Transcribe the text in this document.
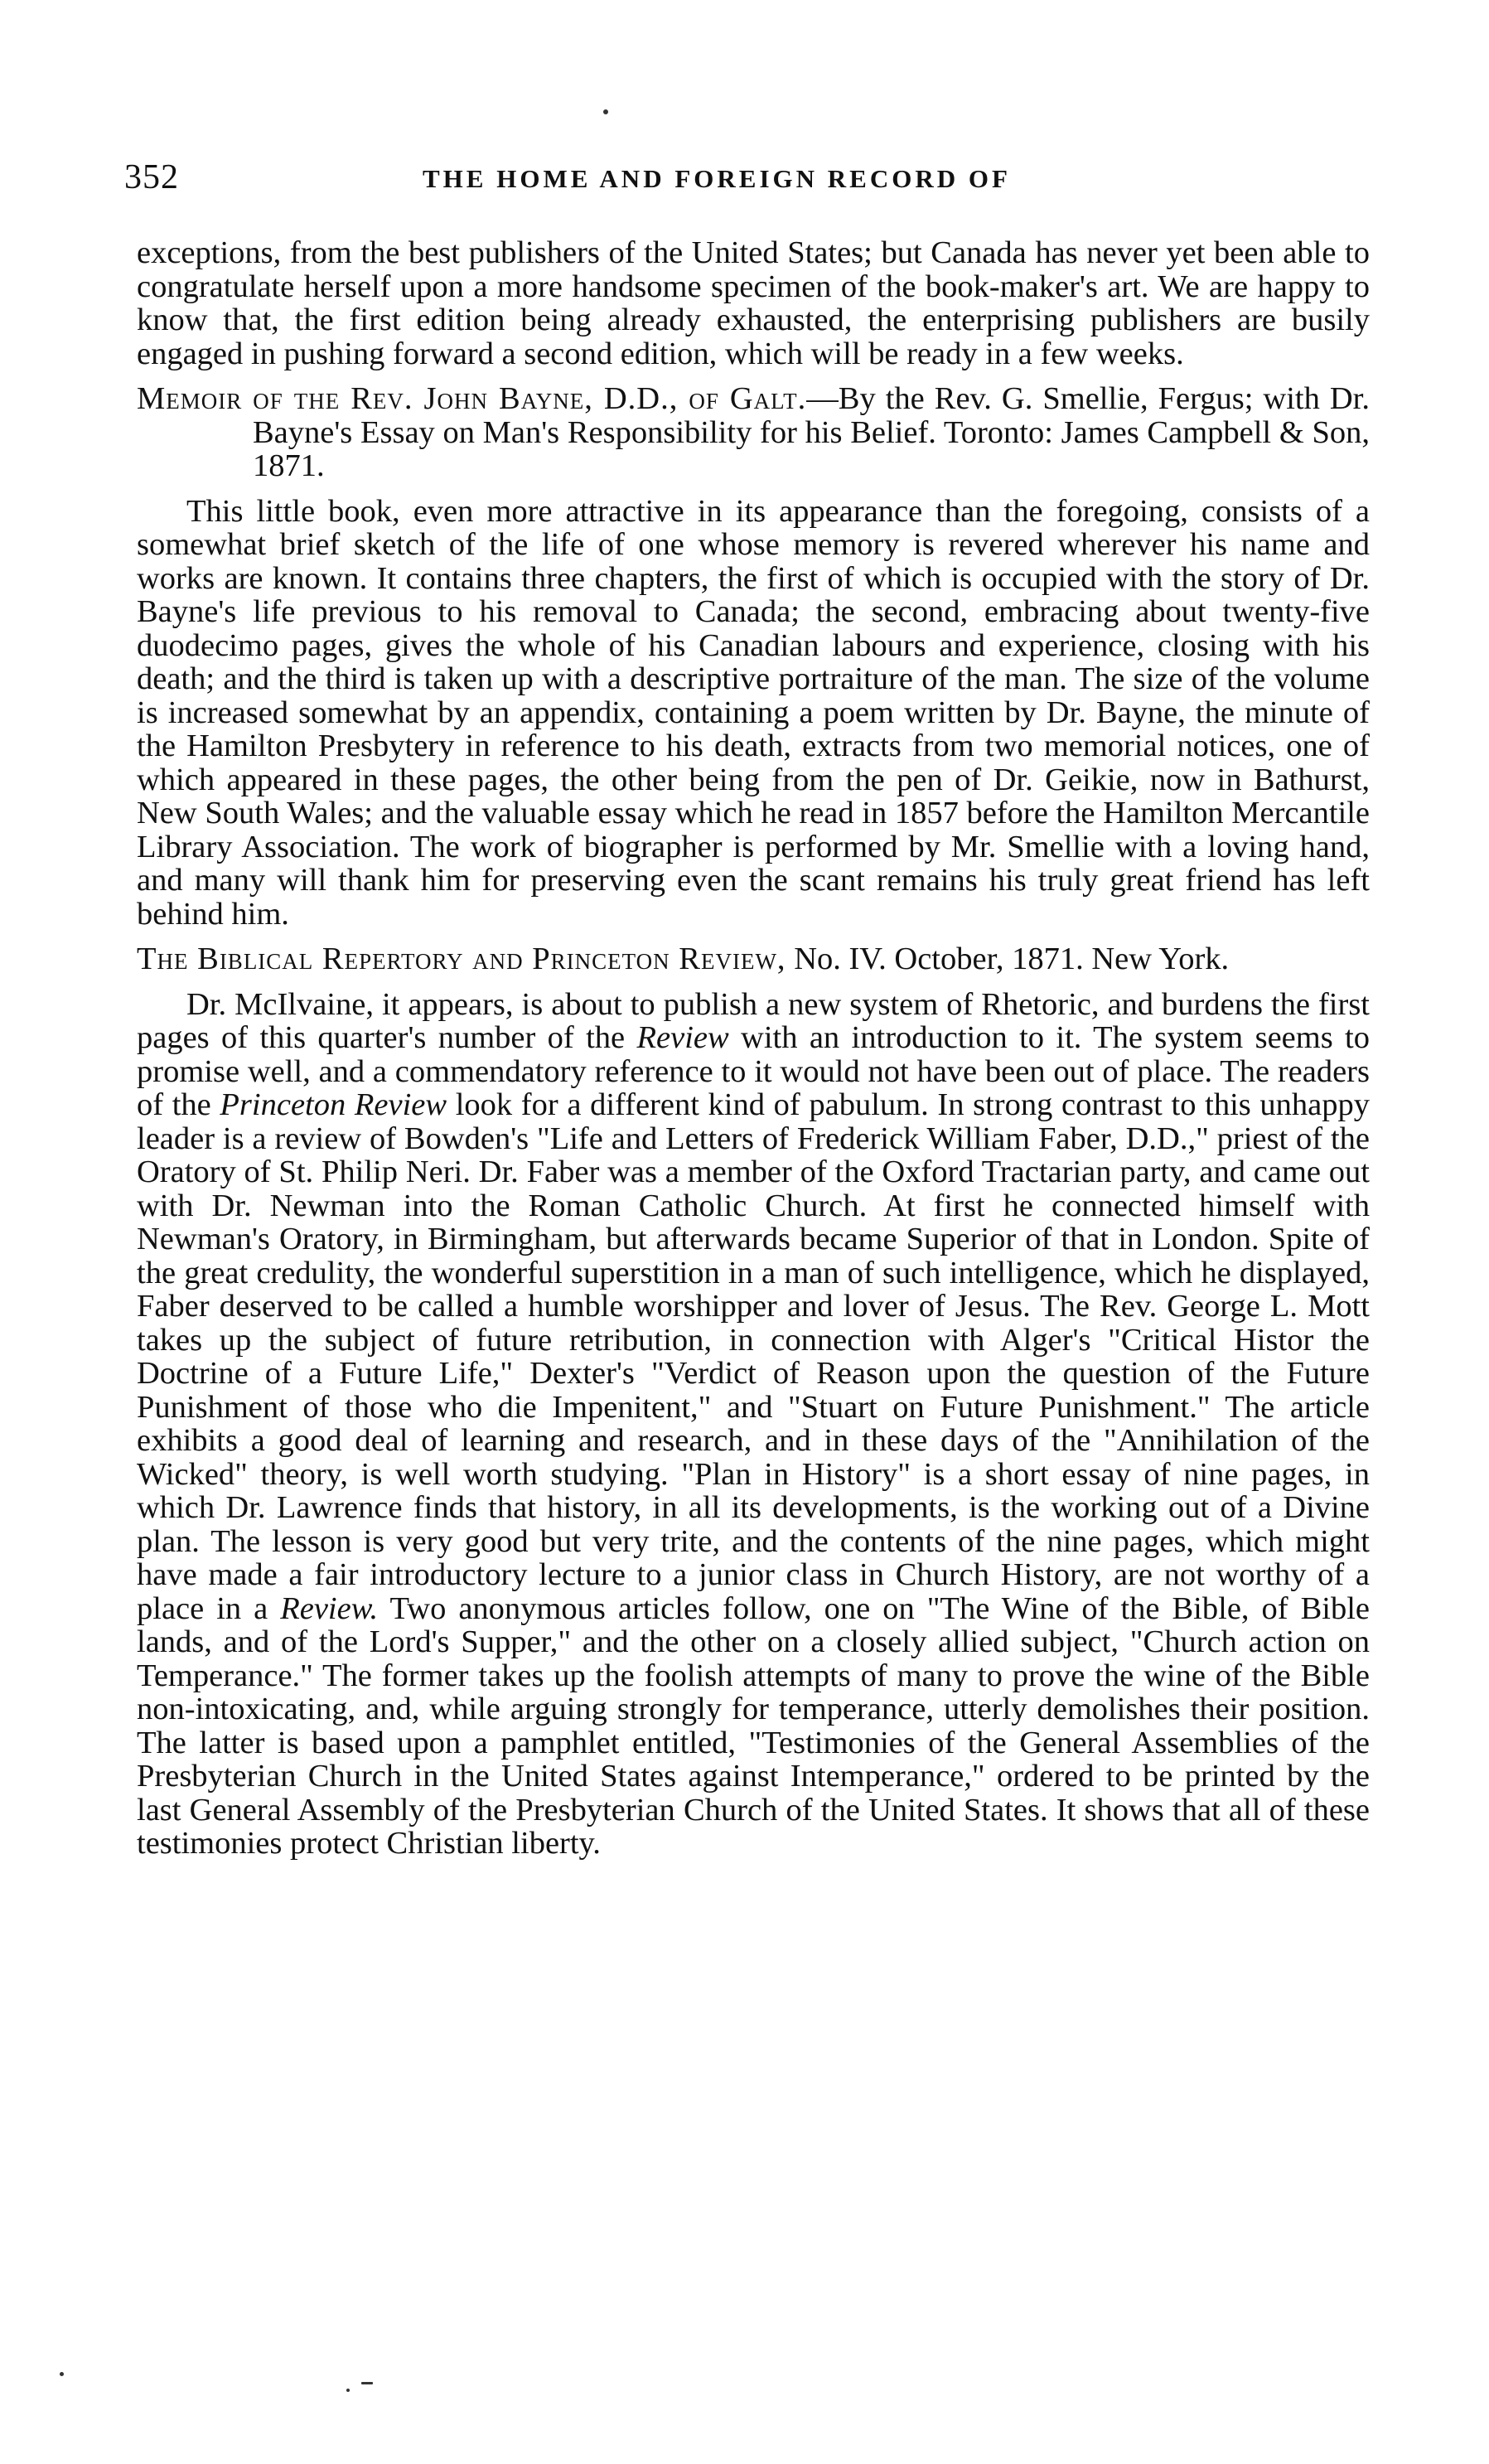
352	THE HOME AND FOREIGN RECORD OF

exceptions, from the best publishers of the United States; but Canada has never yet been able to congratulate herself upon a more handsome specimen of the book-maker's art. We are happy to know that, the first edition being already exhausted, the enterprising publishers are busily engaged in pushing forward a second edition, which will be ready in a few weeks.

Memoir of the Rev. John Bayne, D.D., of Galt.—By the Rev. G. Smellie, Fergus; with Dr. Bayne's Essay on Man's Responsibility for his Belief. Toronto: James Campbell & Son, 1871.

This little book, even more attractive in its appearance than the foregoing, consists of a somewhat brief sketch of the life of one whose memory is revered wherever his name and works are known. It contains three chapters, the first of which is occupied with the story of Dr. Bayne's life previous to his removal to Canada; the second, embracing about twenty-five duodecimo pages, gives the whole of his Canadian labours and experience, closing with his death; and the third is taken up with a descriptive portraiture of the man. The size of the volume is increased somewhat by an appendix, containing a poem written by Dr. Bayne, the minute of the Hamilton Presbytery in reference to his death, extracts from two memorial notices, one of which appeared in these pages, the other being from the pen of Dr. Geikie, now in Bathurst, New South Wales; and the valuable essay which he read in 1857 before the Hamilton Mercantile Library Association. The work of biographer is performed by Mr. Smellie with a loving hand, and many will thank him for preserving even the scant remains his truly great friend has left behind him.

The Biblical Repertory and Princeton Review, No. IV. October, 1871. New York.

Dr. McIlvaine, it appears, is about to publish a new system of Rhetoric, and burdens the first pages of this quarter's number of the Review with an introduction to it. The system seems to promise well, and a commendatory reference to it would not have been out of place. The readers of the Princeton Review look for a different kind of pabulum. In strong contrast to this unhappy leader is a review of Bowden's "Life and Letters of Frederick William Faber, D.D.," priest of the Oratory of St. Philip Neri. Dr. Faber was a member of the Oxford Tractarian party, and came out with Dr. Newman into the Roman Catholic Church. At first he connected himself with Newman's Oratory, in Birmingham, but afterwards became Superior of that in London. Spite of the great credulity, the wonderful superstition in a man of such intelligence, which he displayed, Faber deserved to be called a humble worshipper and lover of Jesus. The Rev. George L. Mott takes up the subject of future retribution, in connection with Alger's "Critical Histor the Doctrine of a Future Life," Dexter's "Verdict of Reason upon the question of the Future Punishment of those who die Impenitent," and "Stuart on Future Punishment." The article exhibits a good deal of learning and research, and in these days of the "Annihilation of the Wicked" theory, is well worth studying. "Plan in History" is a short essay of nine pages, in which Dr. Lawrence finds that history, in all its developments, is the working out of a Divine plan. The lesson is very good but very trite, and the contents of the nine pages, which might have made a fair introductory lecture to a junior class in Church History, are not worthy of a place in a Review. Two anonymous articles follow, one on "The Wine of the Bible, of Bible lands, and of the Lord's Supper," and the other on a closely allied subject, "Church action on Temperance." The former takes up the foolish attempts of many to prove the wine of the Bible non-intoxicating, and, while arguing strongly for temperance, utterly demolishes their position. The latter is based upon a pamphlet entitled, "Testimonies of the General Assemblies of the Presbyterian Church in the United States against Intemperance," ordered to be printed by the last General Assembly of the Presbyterian Church of the United States. It shows that all of these testimonies protect Christian liberty.
